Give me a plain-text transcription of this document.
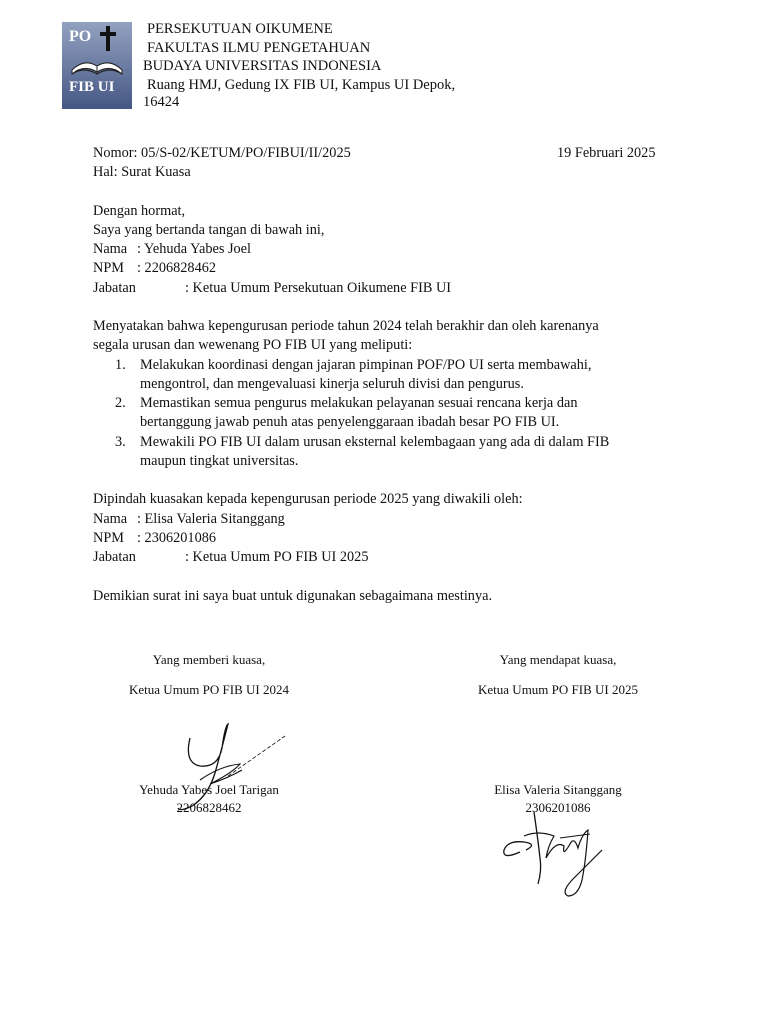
PO
FIB UI
PERSEKUTUAN OIKUMENE
FAKULTAS ILMU PENGETAHUAN
BUDAYA UNIVERSITAS INDONESIA
Ruang HMJ, Gedung IX FIB UI, Kampus UI Depok,
16424
Nomor: 05/S-02/KETUM/PO/FIBUI/II/2025	19 Februari 2025
Hal: Surat Kuasa
Dengan hormat,
Saya yang bertanda tangan di bawah ini,
Nama : Yehuda Yabes Joel
NPM : 2206828462
Jabatan	: Ketua Umum Persekutuan Oikumene FIB UI
Menyatakan bahwa kepengurusan periode tahun 2024 telah berakhir dan oleh karenanya
segala urusan dan wewenang PO FIB UI yang meliputi:
1. Melakukan koordinasi dengan jajaran pimpinan POF/PO UI serta membawahi,
mengontrol, dan mengevaluasi kinerja seluruh divisi dan pengurus.
2. Memastikan semua pengurus melakukan pelayanan sesuai rencana kerja dan
bertanggung jawab penuh atas penyelenggaraan ibadah besar PO FIB UI.
3. Mewakili PO FIB UI dalam urusan eksternal kelembagaan yang ada di dalam FIB
maupun tingkat universitas.
Dipindah kuasakan kepada kepengurusan periode 2025 yang diwakili oleh:
Nama : Elisa Valeria Sitanggang
NPM : 2306201086
Jabatan	: Ketua Umum PO FIB UI 2025
Demikian surat ini saya buat untuk digunakan sebagaimana mestinya.
Yang memberi kuasa,
Ketua Umum PO FIB UI 2024
Yehuda Yabes Joel Tarigan
2206828462
Yang mendapat kuasa,
Ketua Umum PO FIB UI 2025
Elisa Valeria Sitanggang
2306201086
